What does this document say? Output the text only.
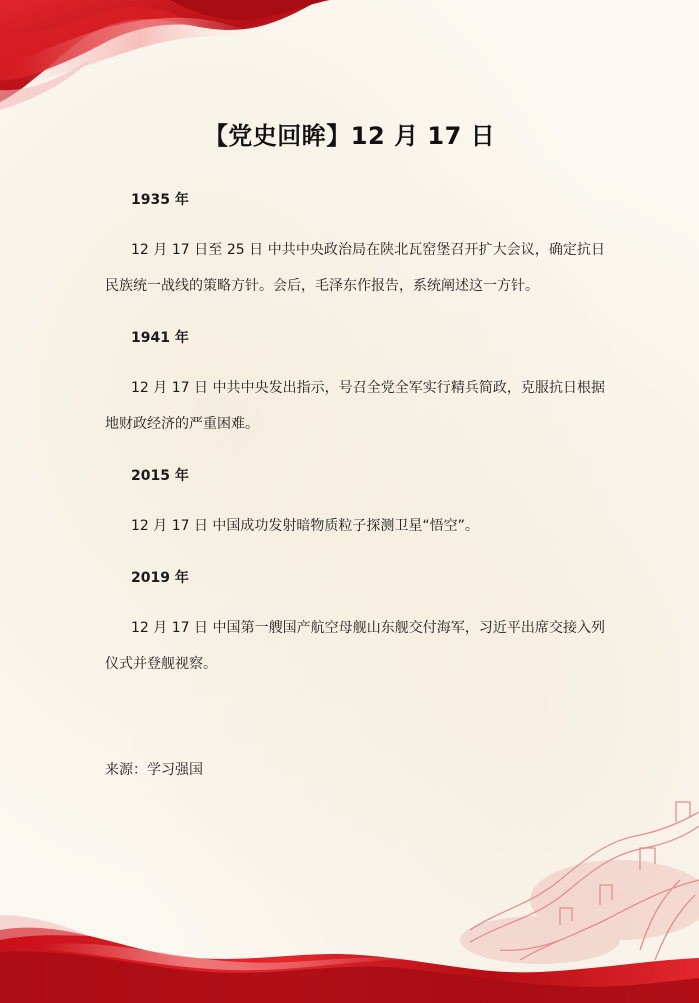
【党史回眸】12 月 17 日
1935 年
12 月 17 日至 25 日 中共中央政治局在陕北瓦窑堡召开扩大会议，确定抗日民族统一战线的策略方针。会后，毛泽东作报告，系统阐述这一方针。
1941 年
12 月 17 日 中共中央发出指示，号召全党全军实行精兵简政，克服抗日根据地财政经济的严重困难。
2015 年
12 月 17 日 中国成功发射暗物质粒子探测卫星“悟空”。
2019 年
12 月 17 日 中国第一艘国产航空母舰山东舰交付海军，习近平出席交接入列仪式并登舰视察。
来源：学习强国
